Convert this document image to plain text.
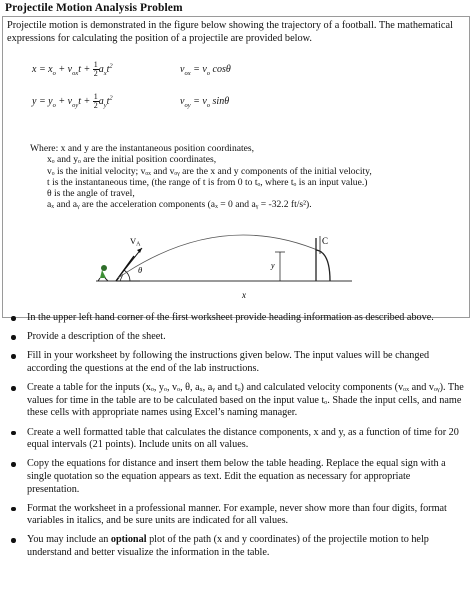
Projectile Motion Analysis Problem

Projectile motion is demonstrated in the figure below showing the trajectory of a football. The mathematical expressions for calculating the position of a projectile are provided below.

$x = x_o + v_{ox}t + \frac{1}{2} a_xt^2$	$v_{ox} = v_o$ cosθ
$y = y_o + v_{oy}t + \frac{1}{2} a_yt^2$	$v_{oy} = v_o$ sinθ
Where: x and y are the instantaneous position coordinates,
xₒ and yₒ are the initial position coordinates,
vₒ is the initial velocity; vₒₓ and vₒᵧ are the x and y components of the initial velocity,
t is the instantaneous time, (the range of t is from 0 to tₒ, where tₒ is an input value.)
θ is the angle of travel,
aₓ and aᵧ are the acceleration components (aₓ = 0 and aᵧ = -32.2 ft/s²).
VA
θ	y
C
x
In the upper left hand corner of the first worksheet provide heading information as described above.
Provide a description of the sheet.
Fill in your worksheet by following the instructions given below. The input values will be changed according the questions at the end of the lab instructions.
Create a table for the inputs (xₒ, yₒ, vₒ, θ, aₓ, aᵧ and tₒ) and calculated velocity components (vₒₓ and vₒᵧ). The values for time in the table are to be calculated based on the input value tₒ. Shade the input cells, and name these cells with appropriate names using Excel’s naming manager.
Create a well formatted table that calculates the distance components, x and y, as a function of time for 20 equal intervals (21 points). Include units on all values.
Copy the equations for distance and insert them below the table heading. Replace the equal sign with a single quotation so the equation appears as text. Edit the equation as necessary for appropriate presentation.
Format the worksheet in a professional manner. For example, never show more than four digits, format variables in italics, and be sure units are indicated for all values.
You may include an optional plot of the path (x and y coordinates) of the projectile motion to help understand and better visualize the information in the table.
